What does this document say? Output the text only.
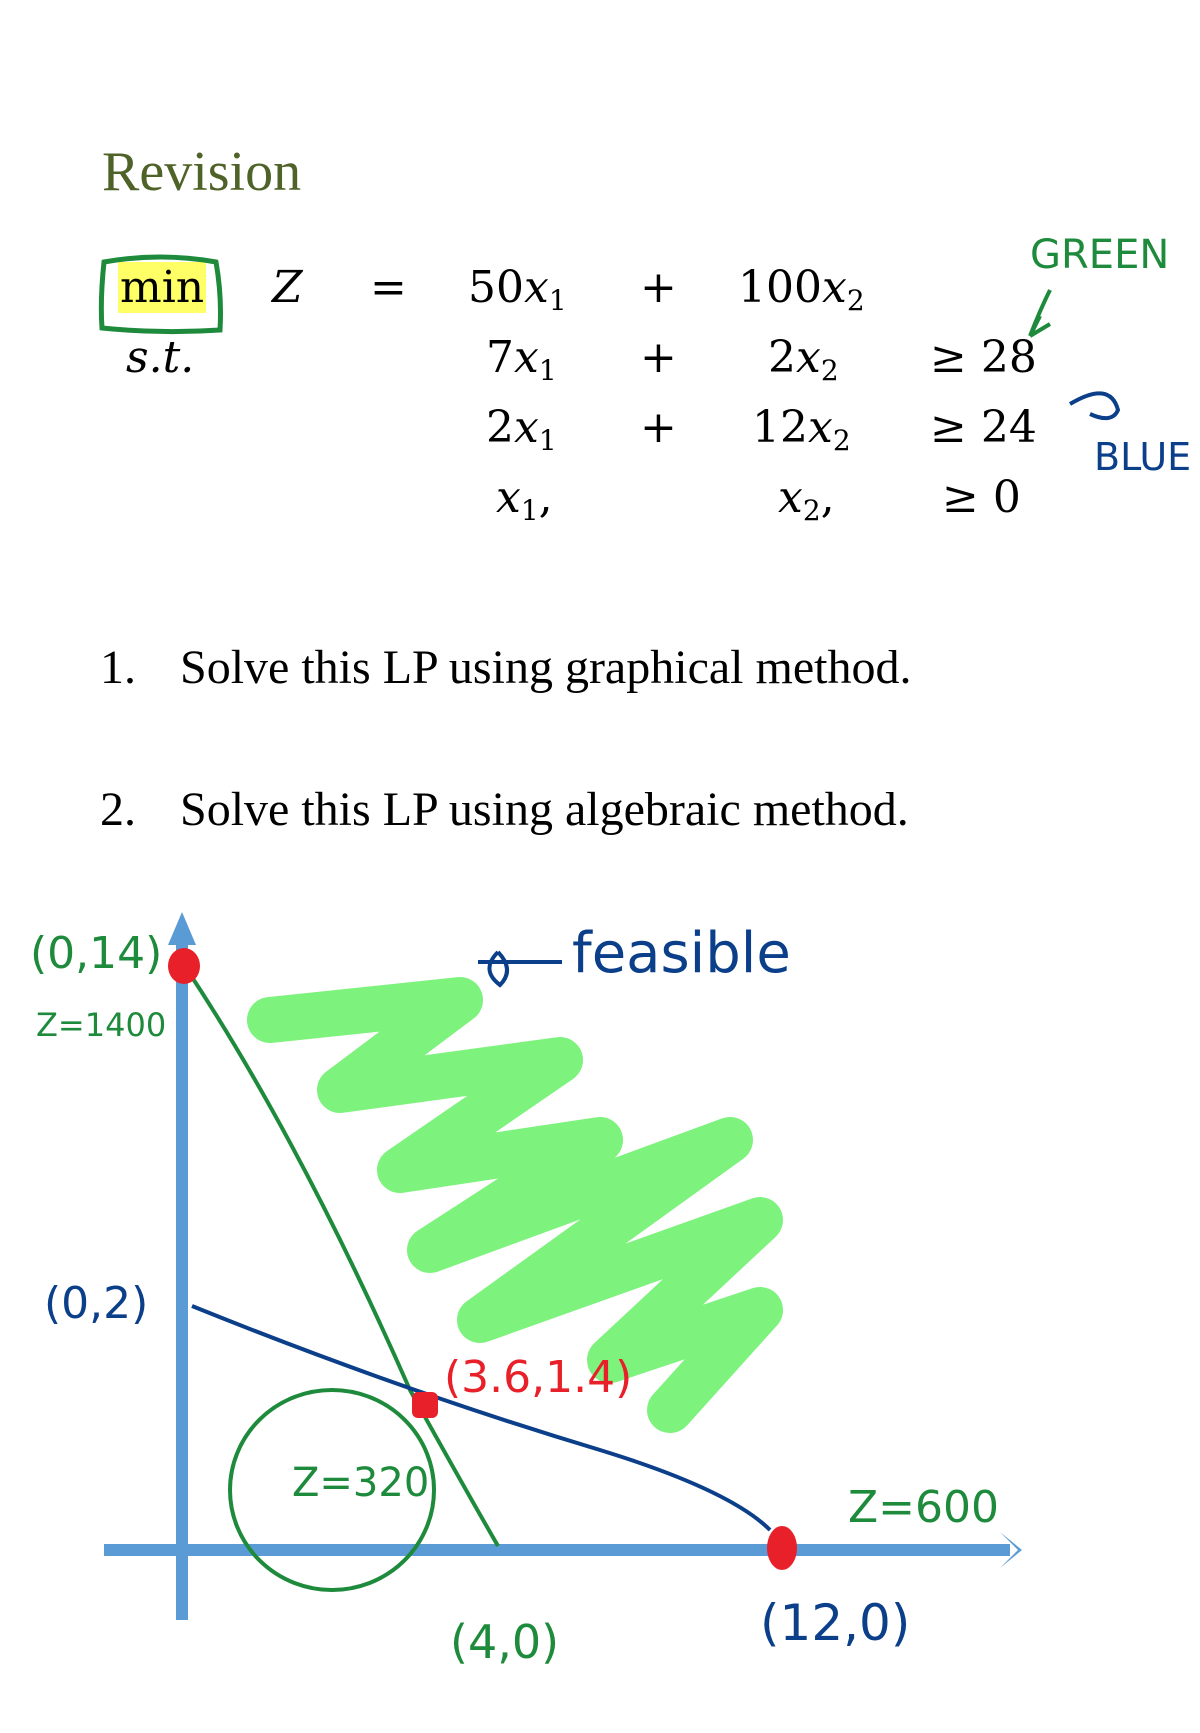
Revision
$\min Z = 50x_1 + 100x_2$
s.t.	$7x_1 + 2x_2 \ge 28$
$2x_1 + 12x_2 \ge 24$
$x_1$,	$x_2$, ≥ 0
1. Solve this LP using graphical method.
2. Solve this LP using algebraic method.
GREEN
BLUE
feasible
(0,14)
Z=1400
(0,2)
(3.6,1.4)
Z=320
(4,0)	(12,0)
Z=600
